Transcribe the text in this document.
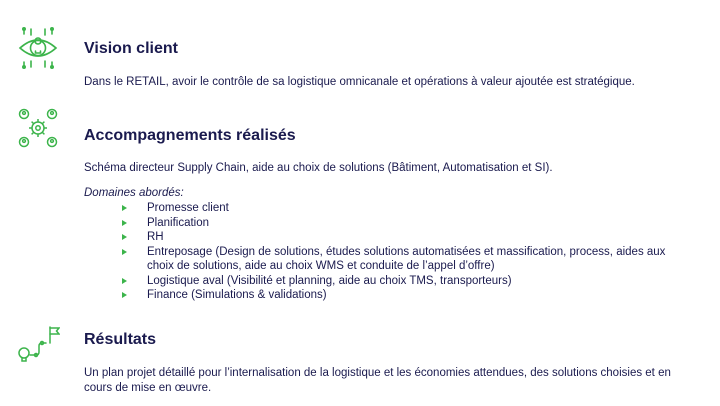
Vision client

Dans le RETAIL, avoir le contrôle de sa logistique omnicanale et opérations à valeur ajoutée est stratégique.

Accompagnements réalisés

Schéma directeur Supply Chain, aide au choix de solutions (Bâtiment, Automatisation et SI).

Domaines abordés:
Promesse client
Planification
RH
Entreposage (Design de solutions, études solutions automatisées et massification, process, aides aux choix de solutions, aide au choix WMS et conduite de l’appel d’offre)
Logistique aval (Visibilité et planning, aide au choix TMS, transporteurs)
Finance (Simulations & validations)
Résultats

Un plan projet détaillé pour l’internalisation de la logistique et les économies attendues, des solutions choisies et en cours de mise en œuvre.
